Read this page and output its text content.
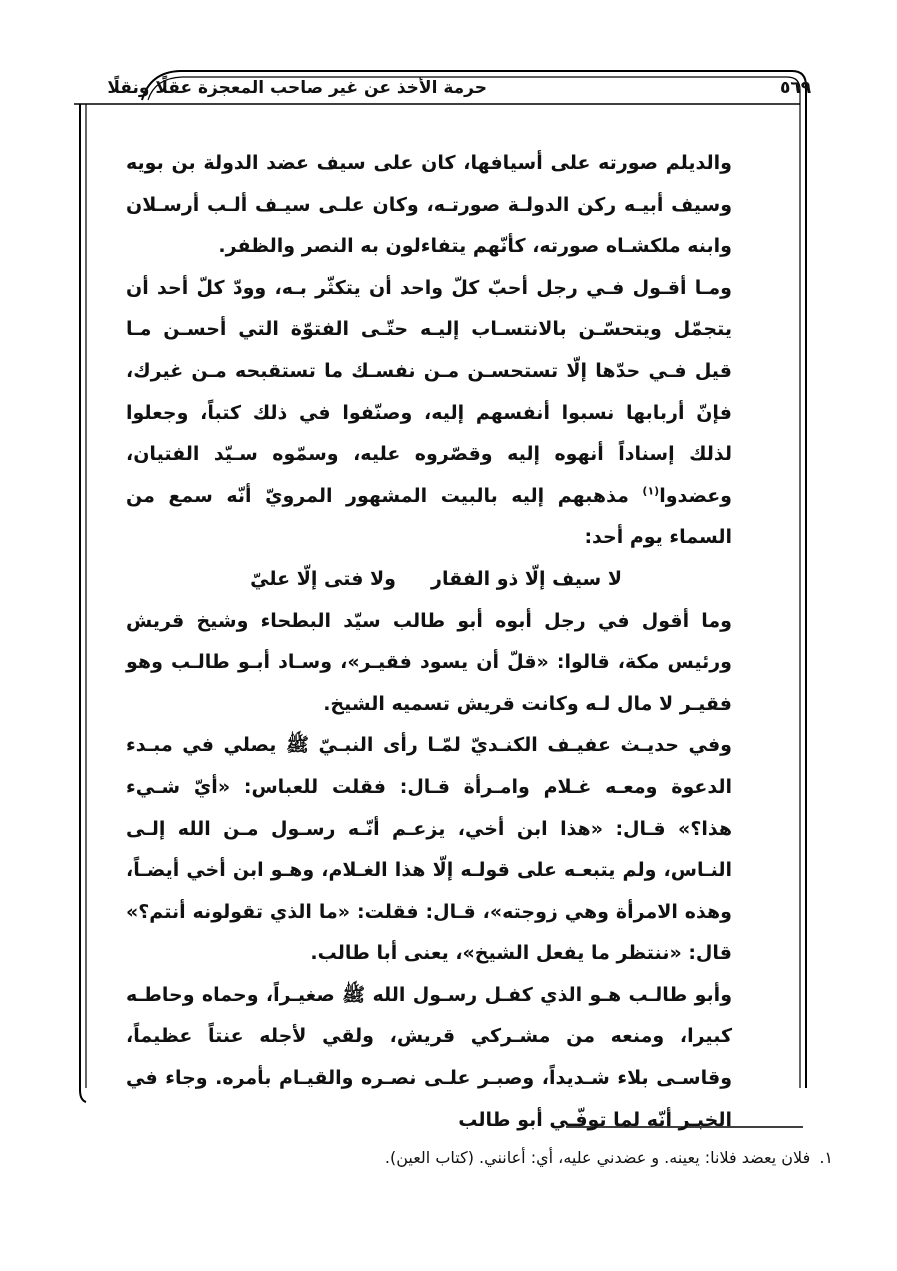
حرمة الأخذ عن غير صاحب المعجزة عقلًا ونقلًا	٥٦٩

والديلم صورته على أسيافها، كان على سيف عضد الدولة بن بويه وسيف أبيـه ركن الدولـة صورتـه، وكان علـى سيـف ألـب أرسـلان وابنه ملكشـاه صورته، كأنّهم يتفاءلون به النصر والظفر.

ومـا أقـول فـي رجل أحبّ كلّ واحد أن يتكثّر بـه، وودّ كلّ أحد أن يتجمّل ويتحسّـن بالانتسـاب إليـه حتّـى الفتوّة التي أحسـن مـا قيل فـي حدّها إلّا تستحسـن مـن نفسـك ما تستقبحه مـن غيرك، فإنّ أربابها نسبوا أنفسهم إليه، وصنّفوا في ذلك كتباً، وجعلوا لذلك إسناداً أنهوه إليه وقصّروه عليه، وسمّوه سـيّد الفتيان، وعضدوا$^{(١)}$ مذهبهم إليه بالبيت المشهور المرويّ أنّه سمع من السماء يوم أحد:

لا سيف إلّا ذو الفقار
ولا فتى إلّا عليّ

وما أقول في رجل أبوه أبو طالب سيّد البطحاء وشيخ قريش ورئيس مكة، قالوا: «قلّ أن يسود فقيـر»، وسـاد أبـو طالـب وهو فقيـر لا مال لـه وكانت قريش تسميه الشيخ.

وفي حديـث عفيـف الكنـديّ لمّـا رأى النبـيّ ﷺ يصلي في مبـدء الدعوة ومعـه غـلام وامـرأة قـال: فقلت للعباس: «أيّ شـيء هذا؟» قـال: «هذا ابن أخي، يزعـم أنّـه رسـول مـن الله إلـى النـاس، ولم يتبعـه على قولـه إلّا هذا الغـلام، وهـو ابن أخي أيضـاً، وهذه الامرأة وهي زوجته»، قـال: فقلت: «ما الذي تقولونه أنتم؟» قال: «ننتظر ما يفعل الشيخ»، يعنى أبا طالب.

وأبو طالـب هـو الذي كفـل رسـول الله ﷺ صغيـراً، وحماه وحاطـه كبيرا، ومنعه من مشـركي قريش، ولقي لأجله عنتاً عظيماً، وقاسـى بلاء شـديداً، وصبـر علـى نصـره والقيـام بأمره. وجاء في الخبـر أنّه لما توفّـي أبو طالب

١. فلان يعضد فلانا: يعينه. و عضدني عليه، أي: أعانني. (كتاب العين).
